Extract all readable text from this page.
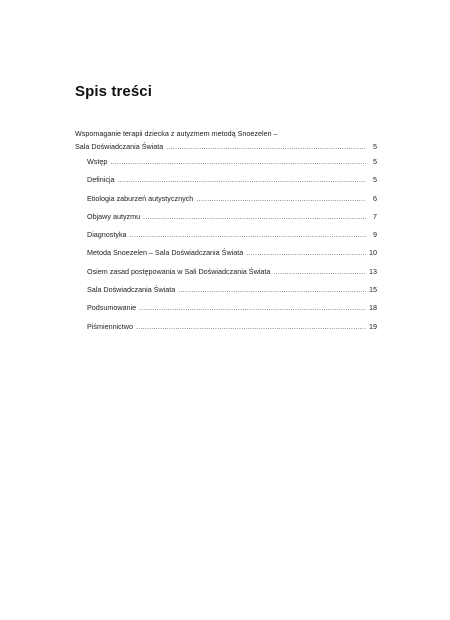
Spis treści
Wspomaganie terapii dziecka z autyzmem metodą Snoezelen –
Sala Doświadczania Świata . . .	5
Wstęp . . .	5
Definicja . . .	5
Etiologia zaburzeń autystycznych . . .	6
Objawy autyzmu . . .	7
Diagnostyka . . .	9
Metoda Snoezelen – Sala Doświadczania Świata . . .	10
Osiem zasad postępowania w Sali Doświadczania Świata . . .	13
Sala Doświadczania Świata . . .	15
Podsumowanie . . .	18
Piśmiennictwo . . .	19
